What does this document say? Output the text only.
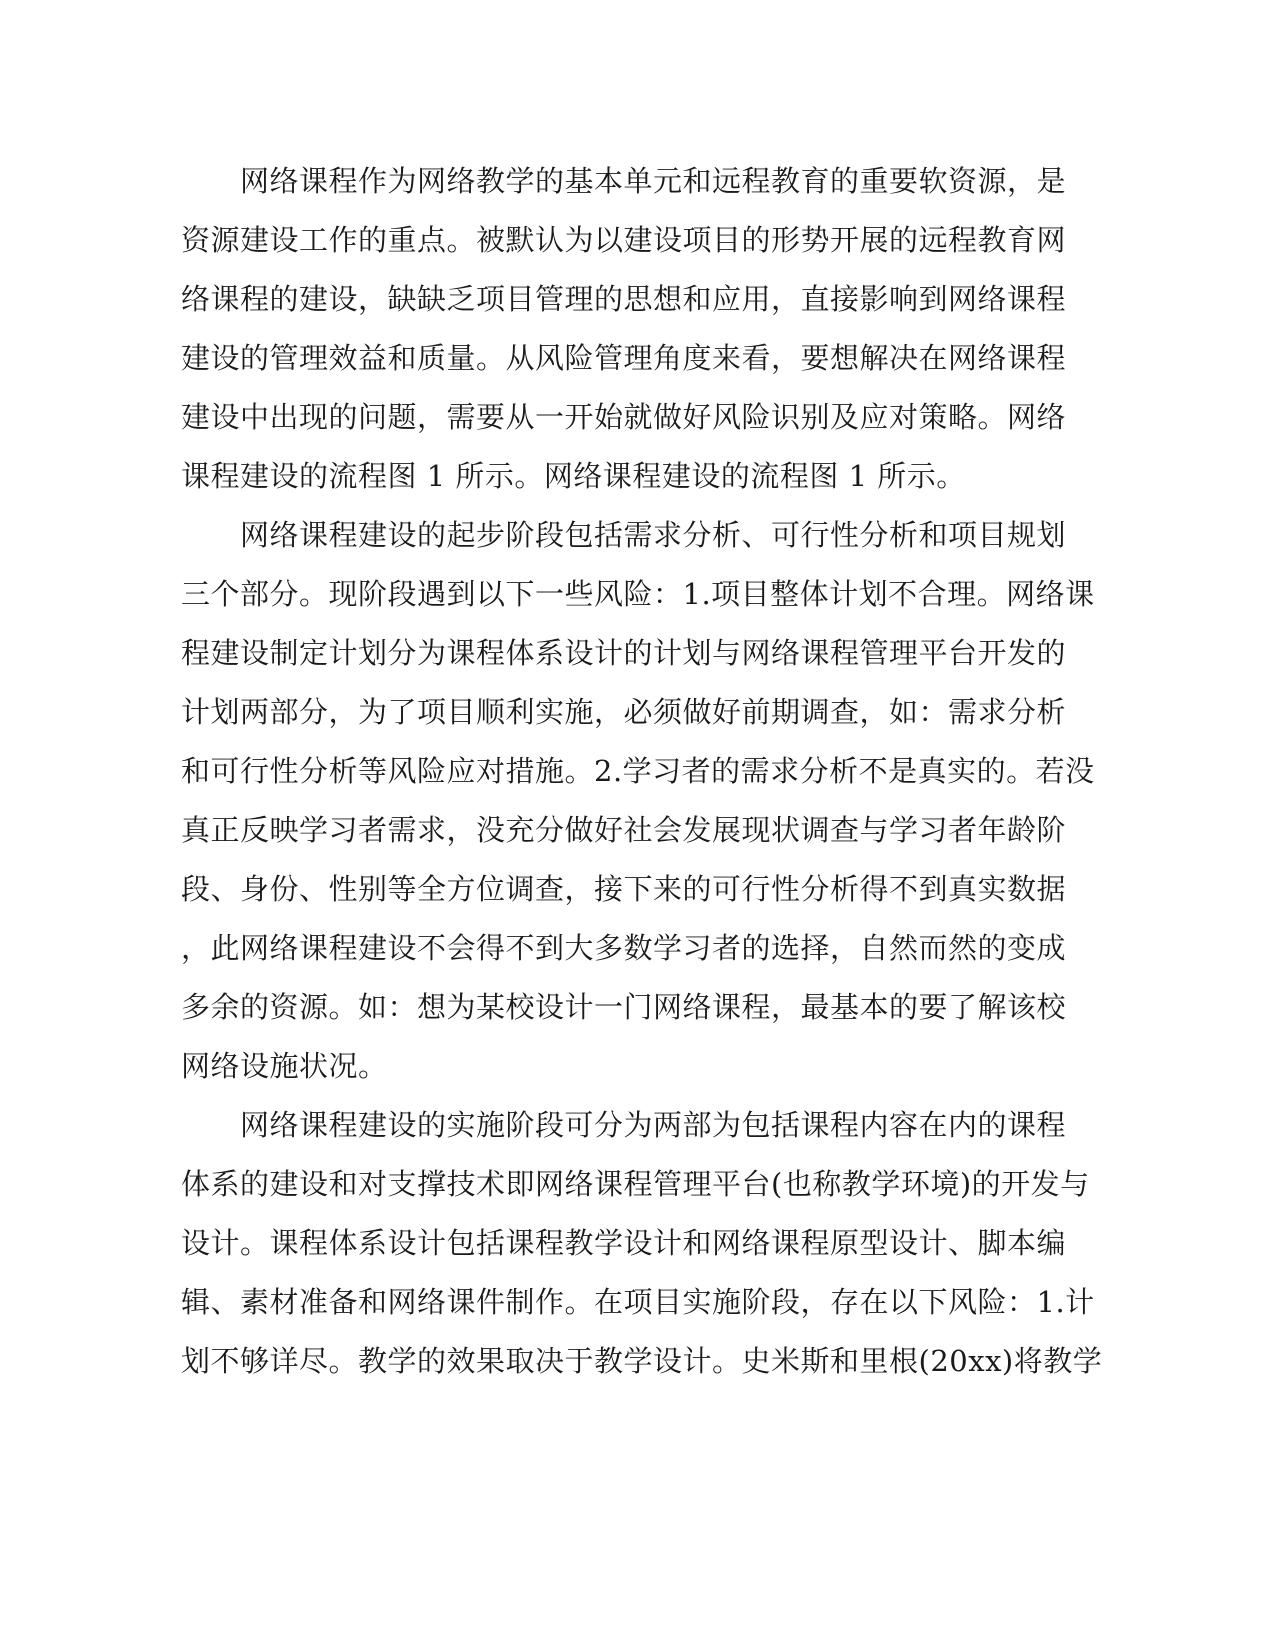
　　网络课程作为网络教学的基本单元和远程教育的重要软资源，是
资源建设工作的重点。被默认为以建设项目的形势开展的远程教育网
络课程的建设，缺缺乏项目管理的思想和应用，直接影响到网络课程
建设的管理效益和质量。从风险管理角度来看，要想解决在网络课程
建设中出现的问题，需要从一开始就做好风险识别及应对策略。网络
课程建设的流程图 1 所示。网络课程建设的流程图 1 所示。

　　网络课程建设的起步阶段包括需求分析、可行性分析和项目规划
三个部分。现阶段遇到以下一些风险：1.项目整体计划不合理。网络课
程建设制定计划分为课程体系设计的计划与网络课程管理平台开发的
计划两部分，为了项目顺利实施，必须做好前期调查，如：需求分析
和可行性分析等风险应对措施。2.学习者的需求分析不是真实的。若没
真正反映学习者需求，没充分做好社会发展现状调查与学习者年龄阶
段、身份、性别等全方位调查，接下来的可行性分析得不到真实数据
，此网络课程建设不会得不到大多数学习者的选择，自然而然的变成
多余的资源。如：想为某校设计一门网络课程，最基本的要了解该校
网络设施状况。

　　网络课程建设的实施阶段可分为两部为包括课程内容在内的课程
体系的建设和对支撑技术即网络课程管理平台(也称教学环境)的开发与
设计。课程体系设计包括课程教学设计和网络课程原型设计、脚本编
辑、素材准备和网络课件制作。在项目实施阶段，存在以下风险：1.计
划不够详尽。教学的效果取决于教学设计。史米斯和里根(20xx)将教学
